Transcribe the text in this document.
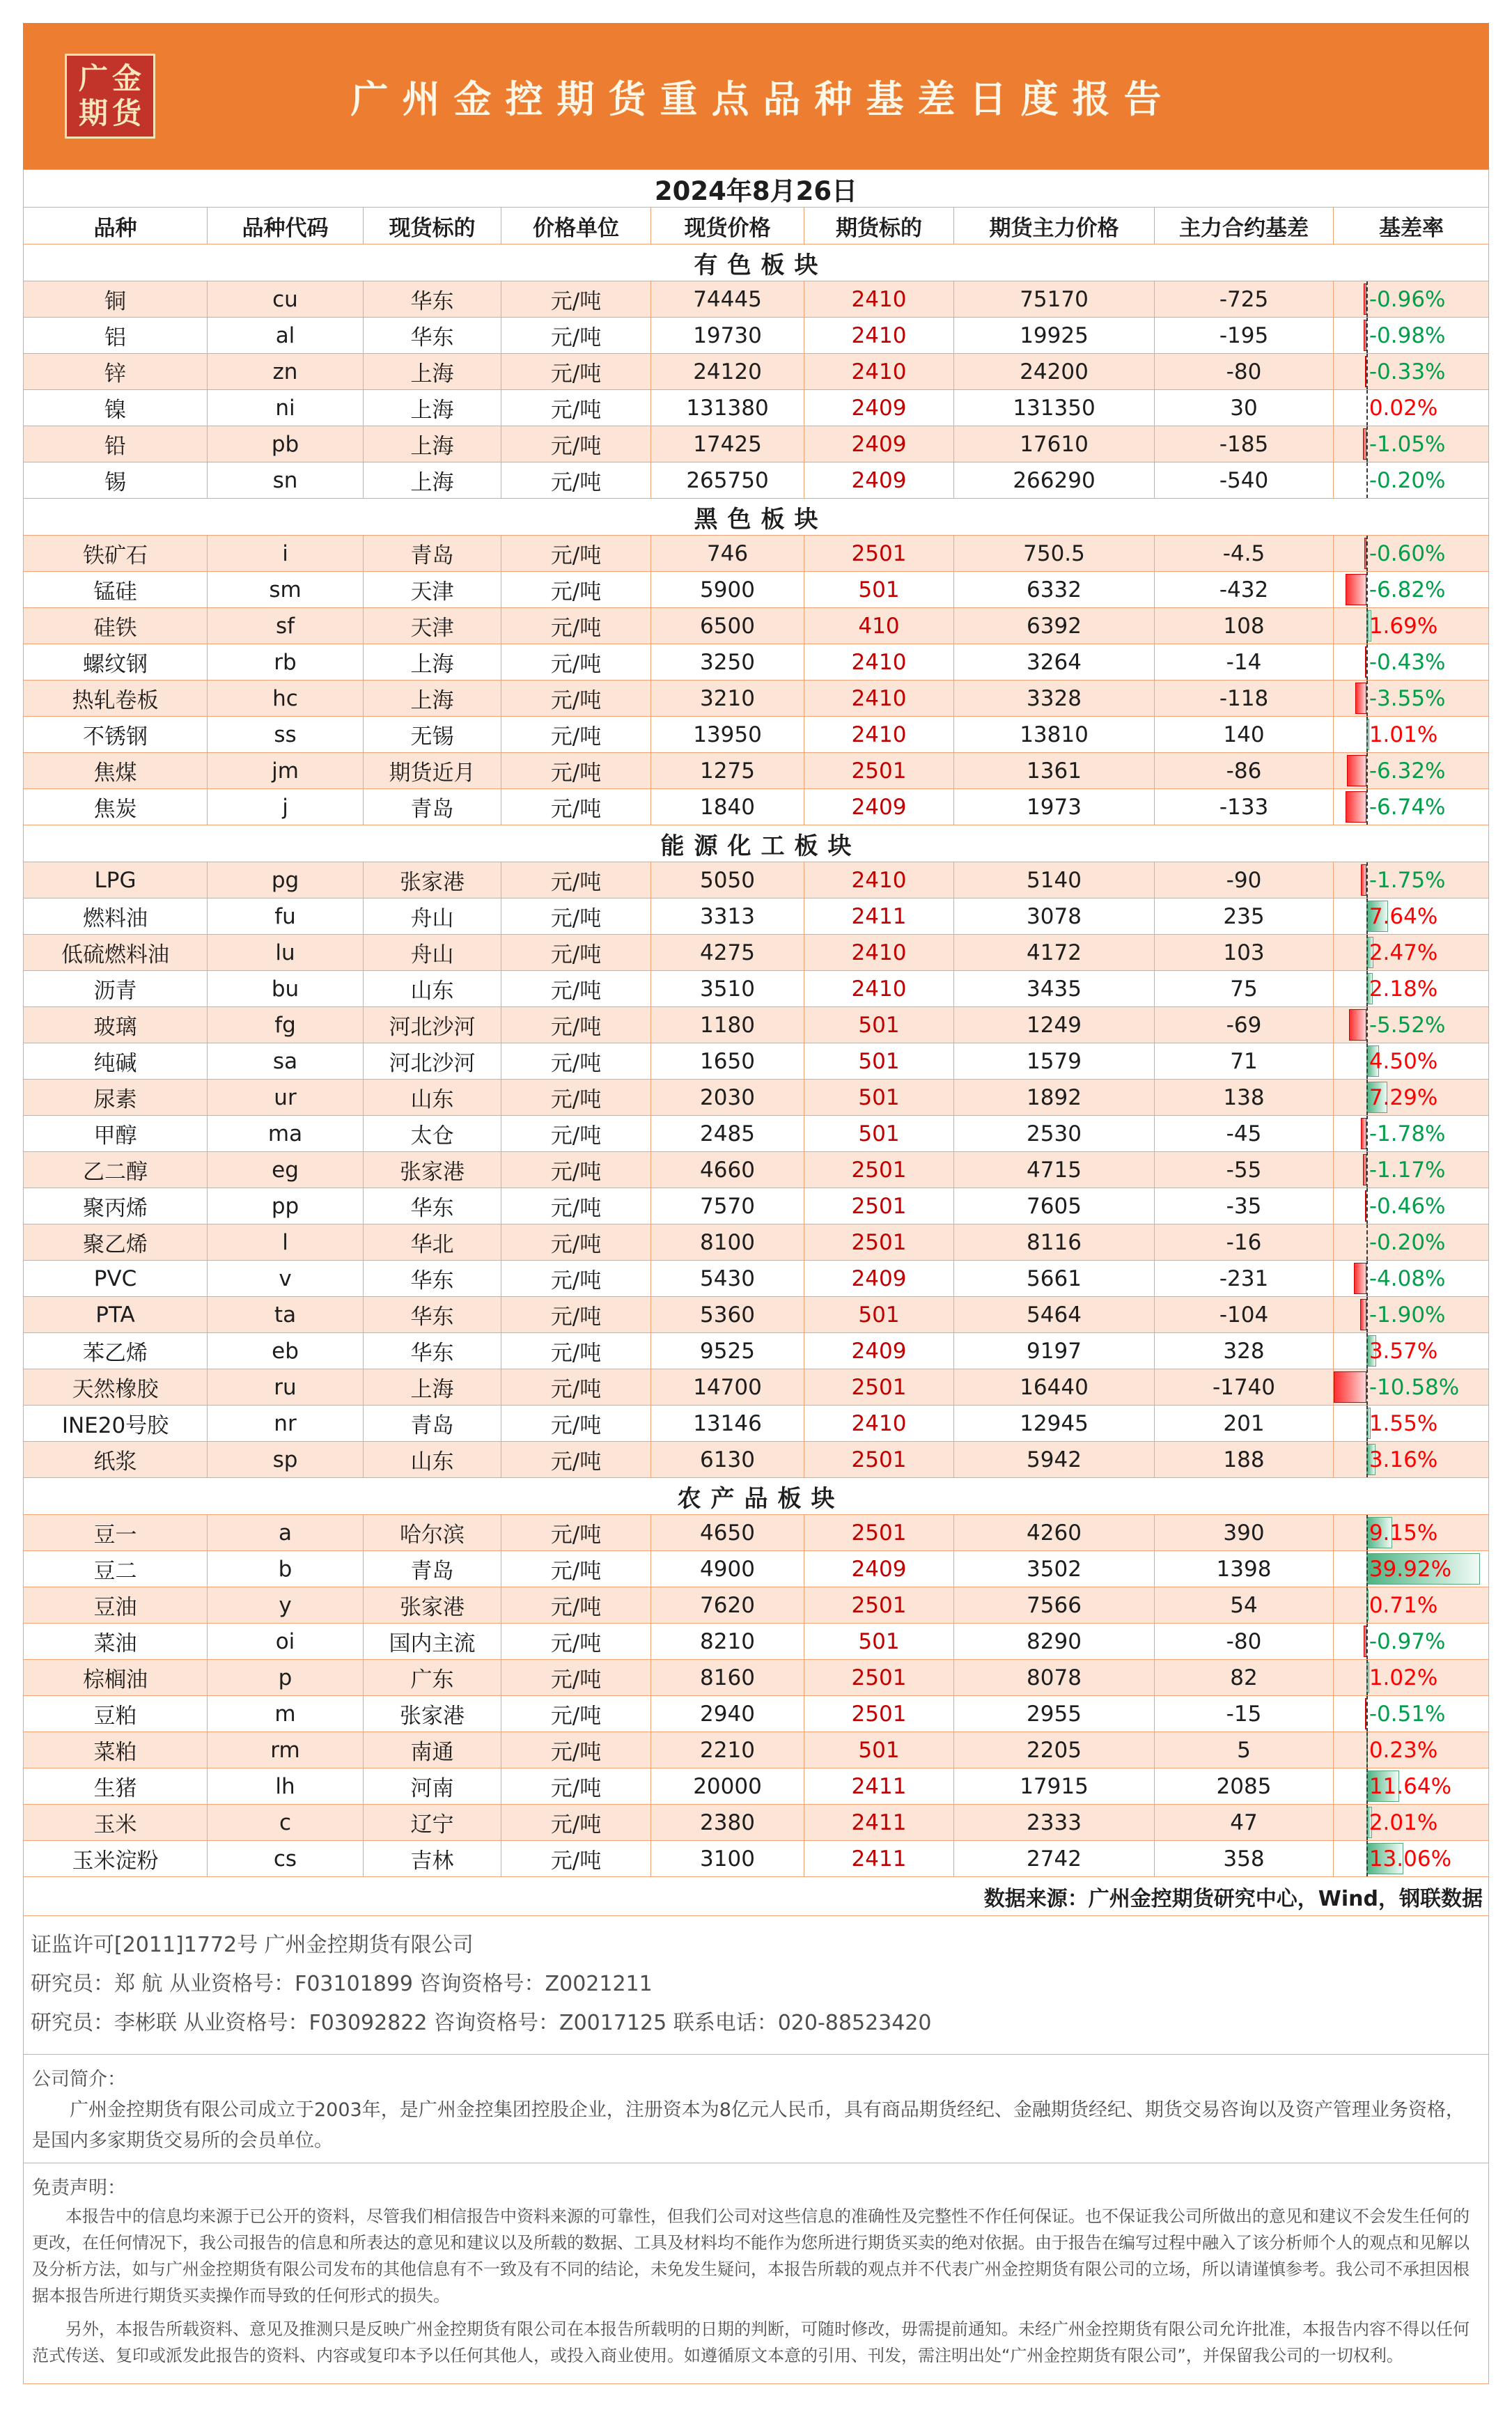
广金
期货	广州金控期货重点品种基差日度报告
2024年8月26日
品种	品种代码	现货标的	价格单位	现货价格	期货标的	期货主力价格	主力合约基差	基差率
有色板块
铜	cu	华东	元/吨	74445	2410	75170	-725	-0.96%
铝	al	华东	元/吨	19730	2410	19925	-195	-0.98%
锌	zn	上海	元/吨	24120	2410	24200	-80	-0.33%
镍	ni	上海	元/吨	131380	2409	131350	30	0.02%
铅	pb	上海	元/吨	17425	2409	17610	-185	-1.05%
锡	sn	上海	元/吨	265750	2409	266290	-540	-0.20%
黑色板块
铁矿石	i	青岛	元/吨	746	2501	750.5	-4.5	-0.60%
锰硅	sm	天津	元/吨	5900	501	6332	-432	-6.82%
硅铁	sf	天津	元/吨	6500	410	6392	108	1.69%
螺纹钢	rb	上海	元/吨	3250	2410	3264	-14	-0.43%
热轧卷板	hc	上海	元/吨	3210	2410	3328	-118	-3.55%
不锈钢	ss	无锡	元/吨	13950	2410	13810	140	1.01%
焦煤	jm	期货近月	元/吨	1275	2501	1361	-86	-6.32%
焦炭	j	青岛	元/吨	1840	2409	1973	-133	-6.74%
能源化工板块
LPG	pg	张家港	元/吨	5050	2410	5140	-90	-1.75%
燃料油	fu	舟山	元/吨	3313	2411	3078	235	7.64%
低硫燃料油	lu	舟山	元/吨	4275	2410	4172	103	2.47%
沥青	bu	山东	元/吨	3510	2410	3435	75	2.18%
玻璃	fg	河北沙河	元/吨	1180	501	1249	-69	-5.52%
纯碱	sa	河北沙河	元/吨	1650	501	1579	71	4.50%
尿素	ur	山东	元/吨	2030	501	1892	138	7.29%
甲醇	ma	太仓	元/吨	2485	501	2530	-45	-1.78%
乙二醇	eg	张家港	元/吨	4660	2501	4715	-55	-1.17%
聚丙烯	pp	华东	元/吨	7570	2501	7605	-35	-0.46%
聚乙烯	l	华北	元/吨	8100	2501	8116	-16	-0.20%
PVC	v	华东	元/吨	5430	2409	5661	-231	-4.08%
PTA	ta	华东	元/吨	5360	501	5464	-104	-1.90%
苯乙烯	eb	华东	元/吨	9525	2409	9197	328	3.57%
天然橡胶	ru	上海	元/吨	14700	2501	16440	-1740	-10.58%
INE20号胶	nr	青岛	元/吨	13146	2410	12945	201	1.55%
纸浆	sp	山东	元/吨	6130	2501	5942	188	3.16%
农产品板块
豆一	a	哈尔滨	元/吨	4650	2501	4260	390	9.15%
豆二	b	青岛	元/吨	4900	2409	3502	1398	39.92%
豆油	y	张家港	元/吨	7620	2501	7566	54	0.71%
菜油	oi	国内主流	元/吨	8210	501	8290	-80	-0.97%
棕榈油	p	广东	元/吨	8160	2501	8078	82	1.02%
豆粕	m	张家港	元/吨	2940	2501	2955	-15	-0.51%
菜粕	rm	南通	元/吨	2210	501	2205	5	0.23%
生猪	lh	河南	元/吨	20000	2411	17915	2085	11.64%
玉米	c	辽宁	元/吨	2380	2411	2333	47	2.01%
玉米淀粉	cs	吉林	元/吨	3100	2411	2742	358	13.06%
数据来源：广州金控期货研究中心，Wind，钢联数据

证监许可[2011]1772号 广州金控期货有限公司

研究员：郑 航 从业资格号：F03101899 咨询资格号：Z0021211

研究员：李彬联 从业资格号：F03092822 咨询资格号：Z0017125 联系电话：020-88523420

公司简介：

广州金控期货有限公司成立于2003年，是广州金控集团控股企业，注册资本为8亿元人民币，具有商品期货经纪、金融期货经纪、期货交易咨询以及资产管理业务资格，是国内多家期货交易所的会员单位。

免责声明：

本报告中的信息均来源于已公开的资料，尽管我们相信报告中资料来源的可靠性，但我们公司对这些信息的准确性及完整性不作任何保证。也不保证我公司所做出的意见和建议不会发生任何的更改，在任何情况下，我公司报告的信息和所表达的意见和建议以及所载的数据、工具及材料均不能作为您所进行期货买卖的绝对依据。由于报告在编写过程中融入了该分析师个人的观点和见解以及分析方法，如与广州金控期货有限公司发布的其他信息有不一致及有不同的结论，未免发生疑问，本报告所载的观点并不代表广州金控期货有限公司的立场，所以请谨慎参考。我公司不承担因根据本报告所进行期货买卖操作而导致的任何形式的损失。

另外，本报告所载资料、意见及推测只是反映广州金控期货有限公司在本报告所载明的日期的判断，可随时修改，毋需提前通知。未经广州金控期货有限公司允许批准，本报告内容不得以任何范式传送、复印或派发此报告的资料、内容或复印本予以任何其他人，或投入商业使用。如遵循原文本意的引用、刊发，需注明出处“广州金控期货有限公司”，并保留我公司的一切权利。
